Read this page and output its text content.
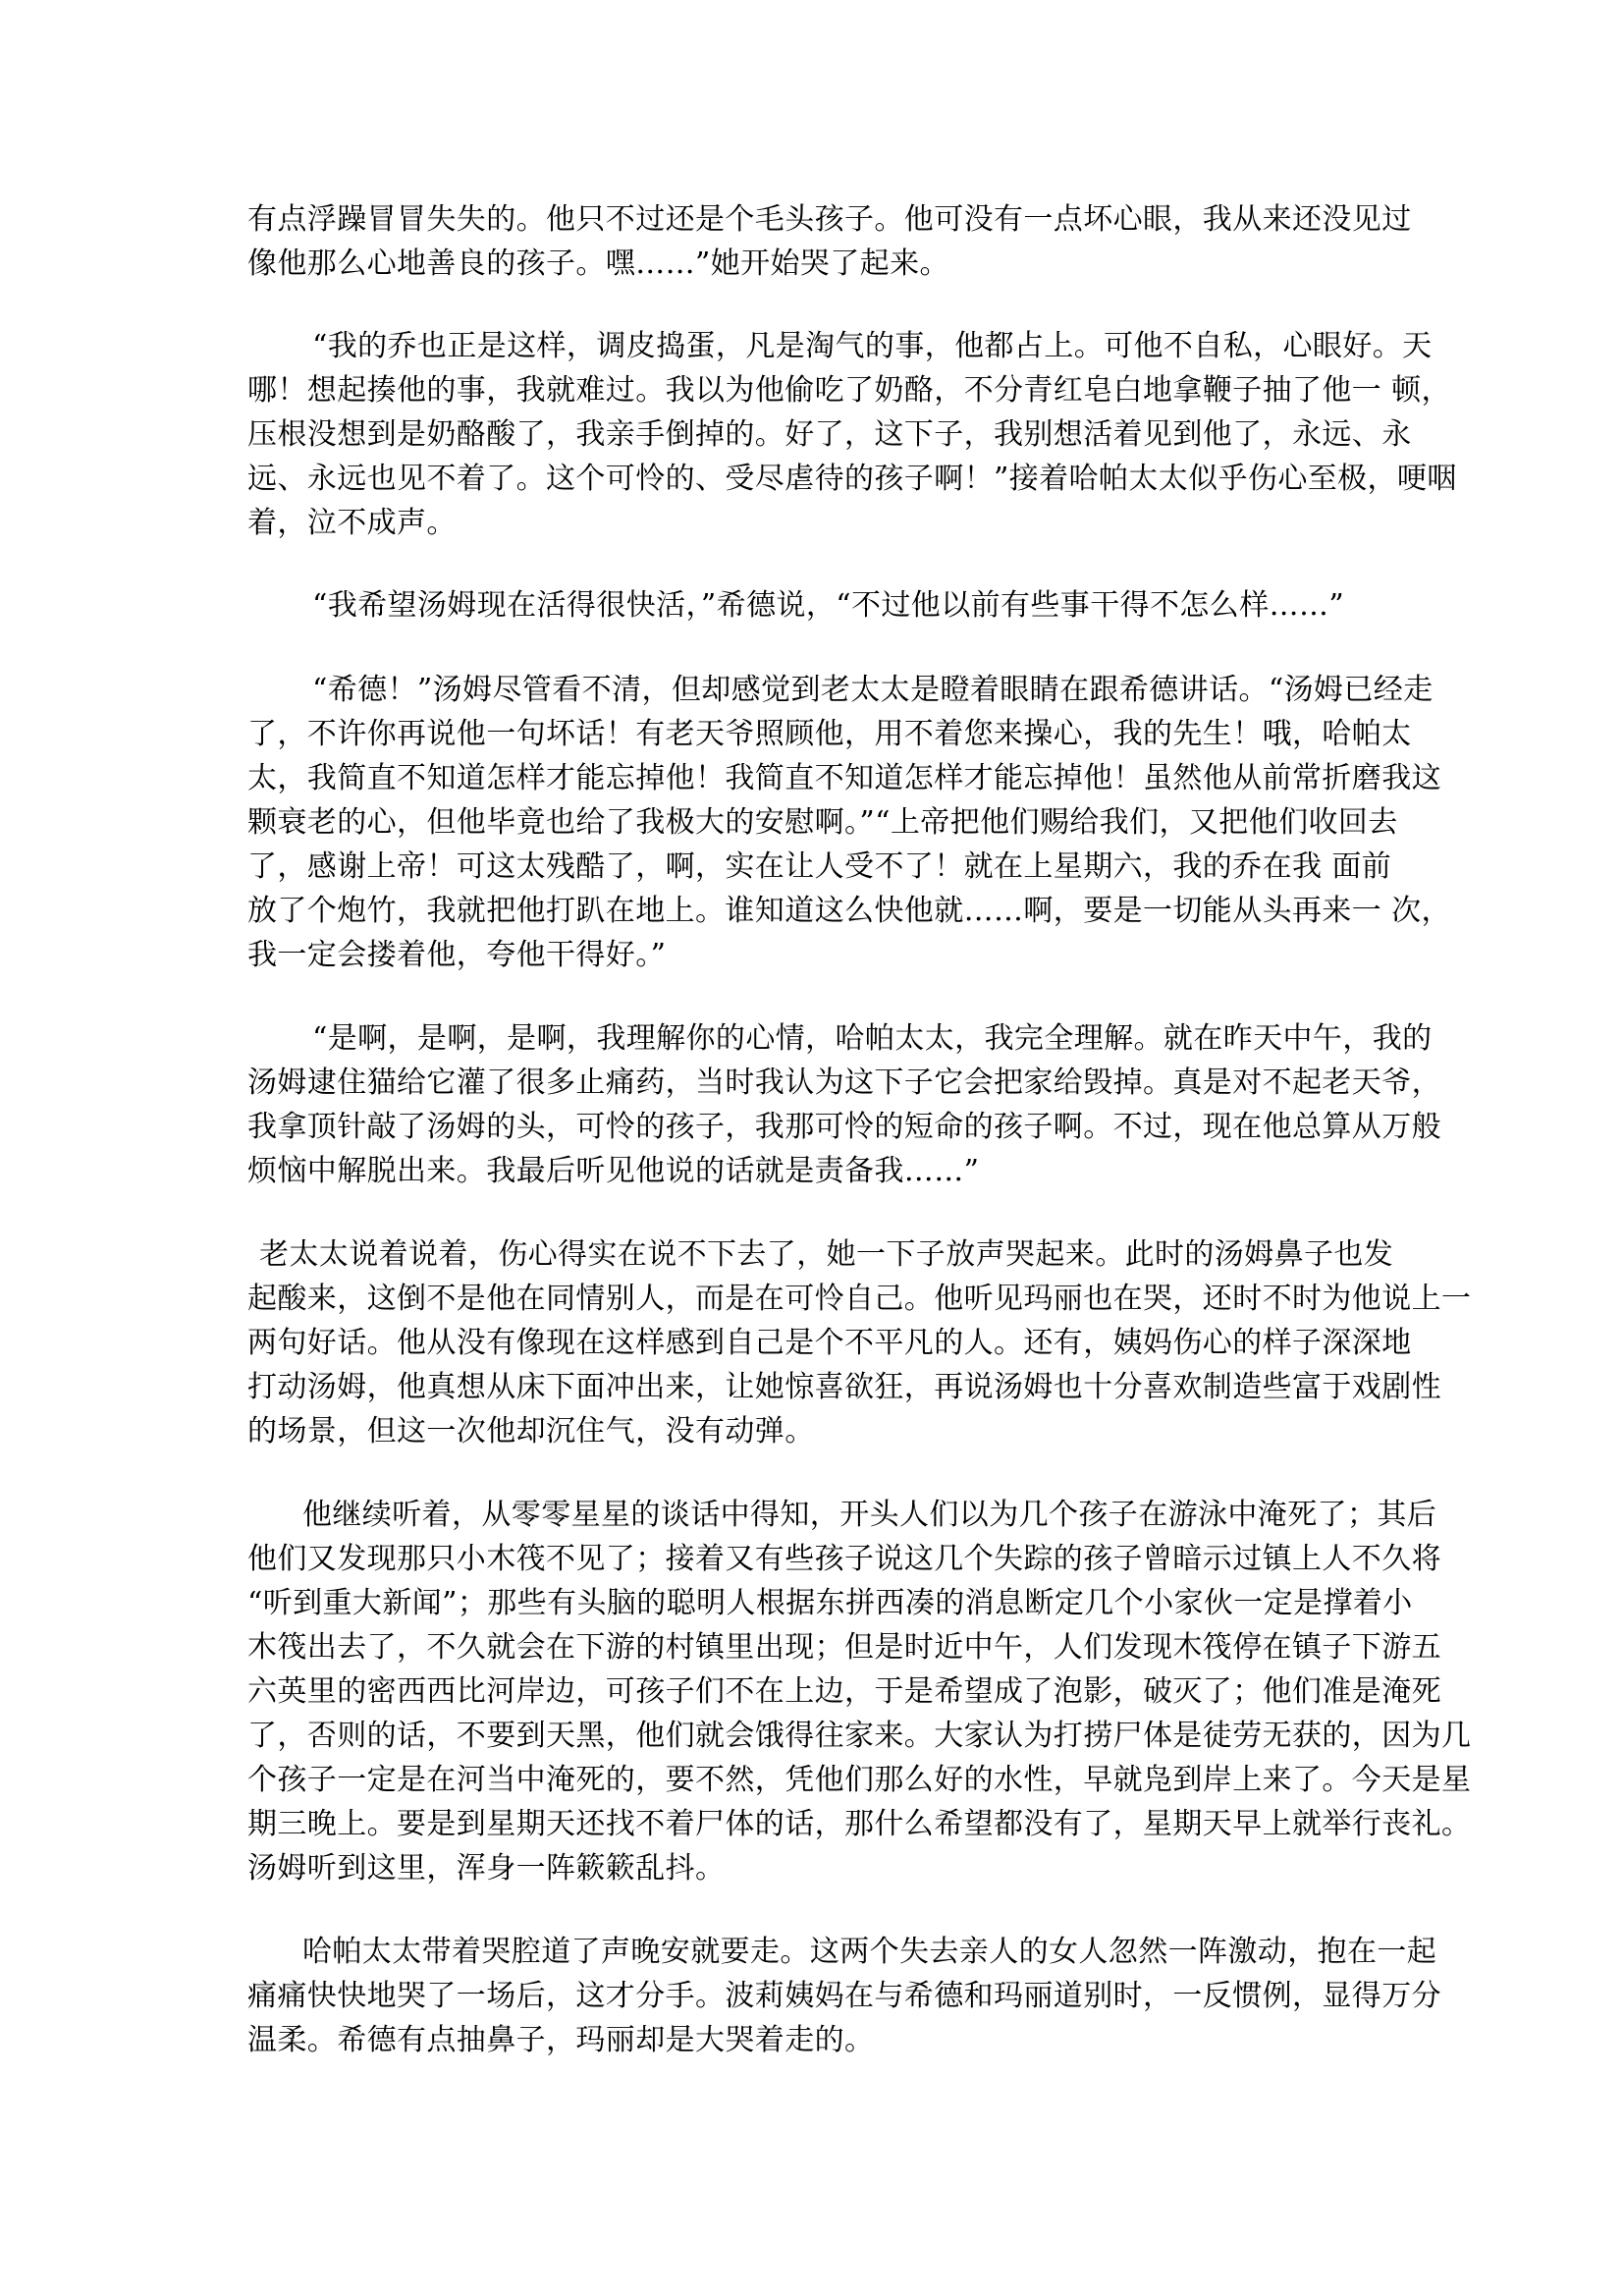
有点浮躁冒冒失失的。他只不过还是个毛头孩子。他可没有一点坏心眼，我从来还没见过
像他那么心地善良的孩子。嘿……”她开始哭了起来。
“我的乔也正是这样，调皮捣蛋，凡是淘气的事，他都占上。可他不自私，心眼好。天
哪！想起揍他的事，我就难过。我以为他偷吃了奶酪，不分青红皂白地拿鞭子抽了他一 顿，
压根没想到是奶酪酸了，我亲手倒掉的。好了，这下子，我别想活着见到他了，永远、永
远、永远也见不着了。这个可怜的、受尽虐待的孩子啊！”接着哈帕太太似乎伤心至极，哽咽
着，泣不成声。
“我希望汤姆现在活得很快活，”希德说，“不过他以前有些事干得不怎么样……”
“希德！”汤姆尽管看不清，但却感觉到老太太是瞪着眼睛在跟希德讲话。“汤姆已经走
了，不许你再说他一句坏话！有老天爷照顾他，用不着您来操心，我的先生！哦，哈帕太
太，我简直不知道怎样才能忘掉他！我简直不知道怎样才能忘掉他！虽然他从前常折磨我这
颗衰老的心，但他毕竟也给了我极大的安慰啊。”“上帝把他们赐给我们，又把他们收回去
了，感谢上帝！可这太残酷了，啊，实在让人受不了！就在上星期六，我的乔在我 面前
放了个炮竹，我就把他打趴在地上。谁知道这么快他就……啊，要是一切能从头再来一 次，
我一定会搂着他，夸他干得好。”
“是啊，是啊，是啊，我理解你的心情，哈帕太太，我完全理解。就在昨天中午，我的
汤姆逮住猫给它灌了很多止痛药，当时我认为这下子它会把家给毁掉。真是对不起老天爷，
我拿顶针敲了汤姆的头，可怜的孩子，我那可怜的短命的孩子啊。不过，现在他总算从万般
烦恼中解脱出来。我最后听见他说的话就是责备我……”
老太太说着说着，伤心得实在说不下去了，她一下子放声哭起来。此时的汤姆鼻子也发
起酸来，这倒不是他在同情别人，而是在可怜自己。他听见玛丽也在哭，还时不时为他说上一
两句好话。他从没有像现在这样感到自己是个不平凡的人。还有，姨妈伤心的样子深深地
打动汤姆，他真想从床下面冲出来，让她惊喜欲狂，再说汤姆也十分喜欢制造些富于戏剧性
的场景，但这一次他却沉住气，没有动弹。
他继续听着，从零零星星的谈话中得知，开头人们以为几个孩子在游泳中淹死了；其后
他们又发现那只小木筏不见了；接着又有些孩子说这几个失踪的孩子曾暗示过镇上人不久将
“听到重大新闻”；那些有头脑的聪明人根据东拼西凑的消息断定几个小家伙一定是撑着小
木筏出去了，不久就会在下游的村镇里出现；但是时近中午，人们发现木筏停在镇子下游五
六英里的密西西比河岸边，可孩子们不在上边，于是希望成了泡影，破灭了；他们准是淹死
了，否则的话，不要到天黑，他们就会饿得往家来。大家认为打捞尸体是徒劳无获的，因为几
个孩子一定是在河当中淹死的，要不然，凭他们那么好的水性，早就凫到岸上来了。今天是星
期三晚上。要是到星期天还找不着尸体的话，那什么希望都没有了，星期天早上就举行丧礼。
汤姆听到这里，浑身一阵簌簌乱抖。
哈帕太太带着哭腔道了声晚安就要走。这两个失去亲人的女人忽然一阵激动，抱在一起
痛痛快快地哭了一场后，这才分手。波莉姨妈在与希德和玛丽道别时，一反惯例，显得万分
温柔。希德有点抽鼻子，玛丽却是大哭着走的。
